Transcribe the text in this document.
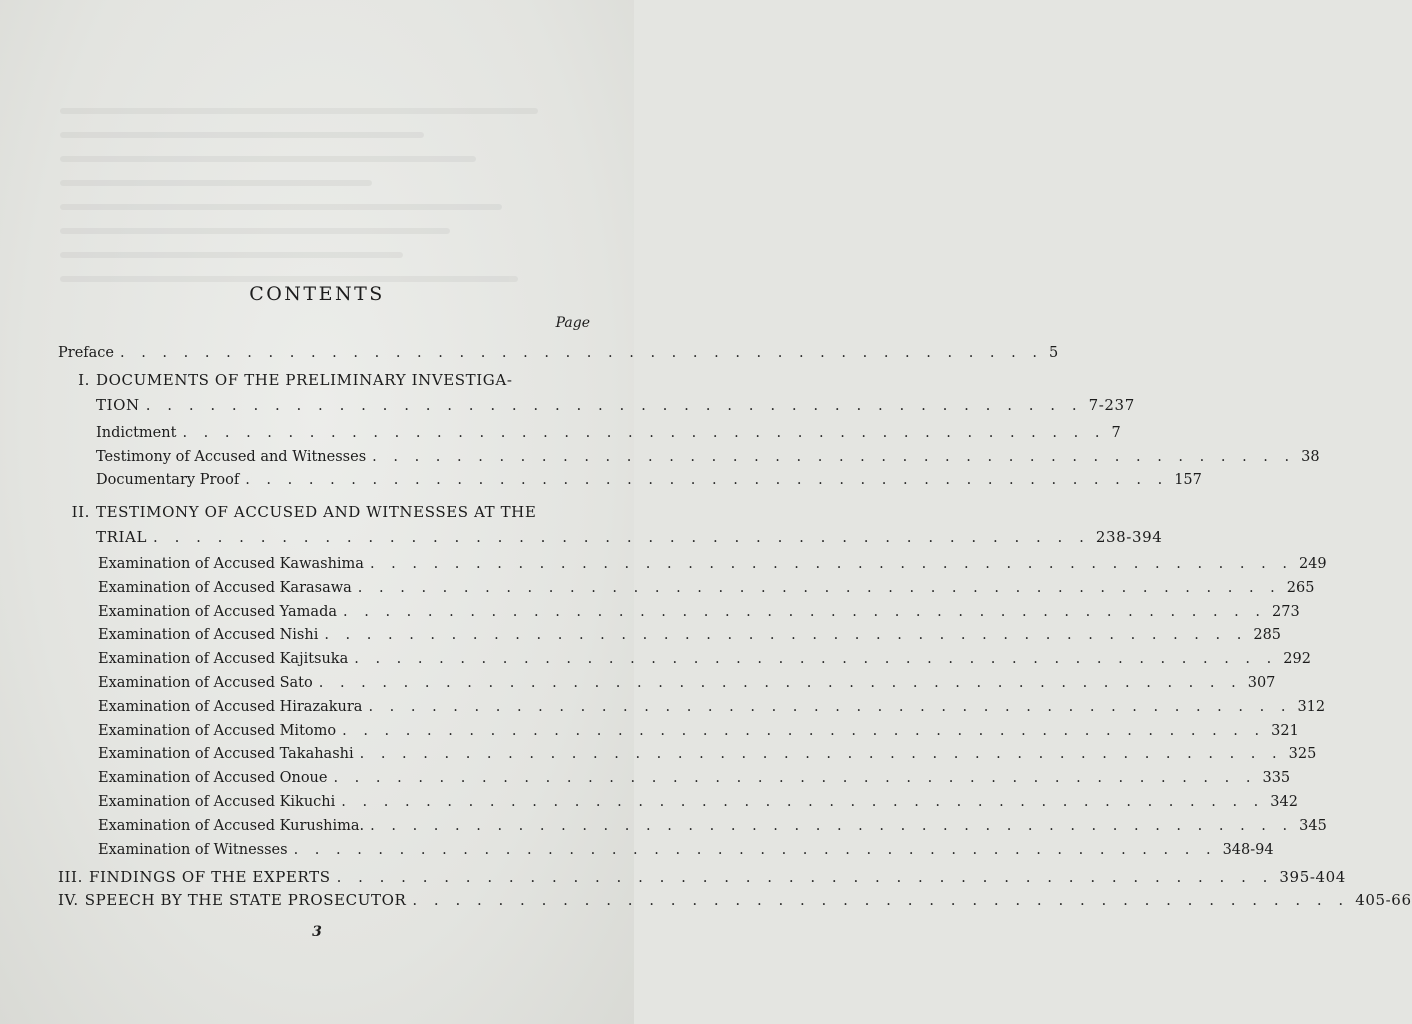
CONTENTS
Page
Preface . . . . . . . . . . . . . . . . . . . . . . . . . . . . . . . . . . . . . . . . . . . . 5
I. DOCUMENTS OF THE PRELIMINARY INVESTIGA-
TION . . . . . . . . . . . . . . . . . . . . . . . . . . . . . . . . . . . . . . . . . . . . 7-237
Indictment . . . . . . . . . . . . . . . . . . . . . . . . . . . . . . . . . . . . . . . . . . . . 7
Testimony of Accused and Witnesses . . . . . . . . . . . . . . . . . . . . . . . . . . . . . . . . . . . . . . . . . . . . 38
Documentary Proof . . . . . . . . . . . . . . . . . . . . . . . . . . . . . . . . . . . . . . . . . . . . 157
II. TESTIMONY OF ACCUSED AND WITNESSES AT THE
TRIAL . . . . . . . . . . . . . . . . . . . . . . . . . . . . . . . . . . . . . . . . . . . . 238-394
Examination of Accused Kawashima . . . . . . . . . . . . . . . . . . . . . . . . . . . . . . . . . . . . . . . . . . . . 249
Examination of Accused Karasawa . . . . . . . . . . . . . . . . . . . . . . . . . . . . . . . . . . . . . . . . . . . . 265
Examination of Accused Yamada . . . . . . . . . . . . . . . . . . . . . . . . . . . . . . . . . . . . . . . . . . . . 273
Examination of Accused Nishi . . . . . . . . . . . . . . . . . . . . . . . . . . . . . . . . . . . . . . . . . . . . 285
Examination of Accused Kajitsuka . . . . . . . . . . . . . . . . . . . . . . . . . . . . . . . . . . . . . . . . . . . . 292
Examination of Accused Sato . . . . . . . . . . . . . . . . . . . . . . . . . . . . . . . . . . . . . . . . . . . . 307
Examination of Accused Hirazakura . . . . . . . . . . . . . . . . . . . . . . . . . . . . . . . . . . . . . . . . . . . . 312
Examination of Accused Mitomo . . . . . . . . . . . . . . . . . . . . . . . . . . . . . . . . . . . . . . . . . . . . 321
Examination of Accused Takahashi . . . . . . . . . . . . . . . . . . . . . . . . . . . . . . . . . . . . . . . . . . . . 325
Examination of Accused Onoue . . . . . . . . . . . . . . . . . . . . . . . . . . . . . . . . . . . . . . . . . . . . 335
Examination of Accused Kikuchi . . . . . . . . . . . . . . . . . . . . . . . . . . . . . . . . . . . . . . . . . . . . 342
Examination of Accused Kurushima. . . . . . . . . . . . . . . . . . . . . . . . . . . . . . . . . . . . . . . . . . . . . 345
Examination of Witnesses . . . . . . . . . . . . . . . . . . . . . . . . . . . . . . . . . . . . . . . . . . . . 348-94
III. FINDINGS OF THE EXPERTS . . . . . . . . . . . . . . . . . . . . . . . . . . . . . . . . . . . . . . . . . . . . 395-404
IV. SPEECH BY THE STATE PROSECUTOR . . . . . . . . . . . . . . . . . . . . . . . . . . . . . . . . . . . . . . . . . . . . 405-66
3
